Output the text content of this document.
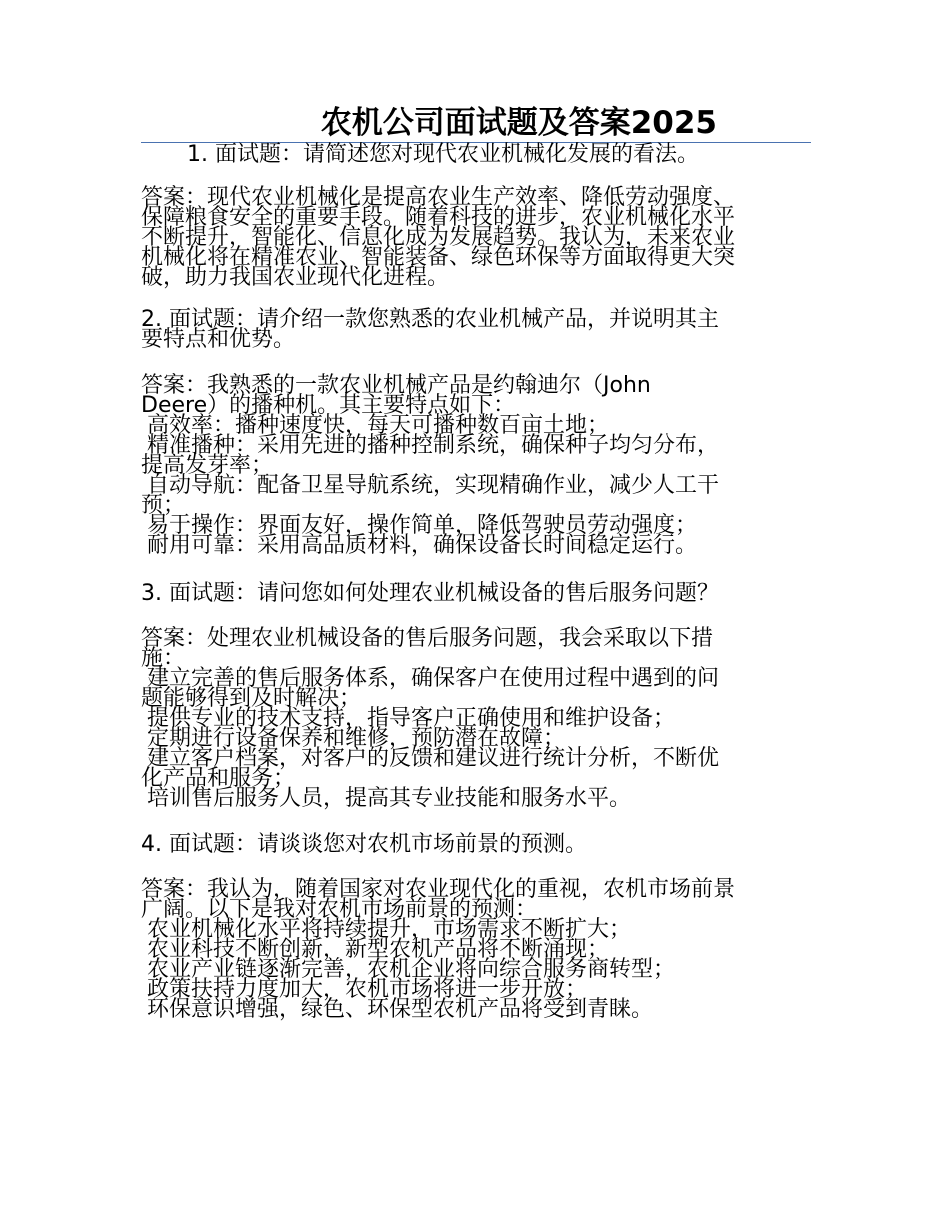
农机公司面试题及答案2025
1. 面试题：请简述您对现代农业机械化发展的看法。
答案：现代农业机械化是提高农业生产效率、降低劳动强度、
保障粮食安全的重要手段。随着科技的进步，农业机械化水平
不断提升，智能化、信息化成为发展趋势。我认为，未来农业
机械化将在精准农业、智能装备、绿色环保等方面取得更大突
破，助力我国农业现代化进程。
2. 面试题：请介绍一款您熟悉的农业机械产品，并说明其主
要特点和优势。
答案：我熟悉的一款农业机械产品是约翰迪尔（John
Deere）的播种机。其主要特点如下：
高效率：播种速度快，每天可播种数百亩土地；
精准播种：采用先进的播种控制系统，确保种子均匀分布，
提高发芽率；
自动导航：配备卫星导航系统，实现精确作业，减少人工干
预；
易于操作：界面友好，操作简单，降低驾驶员劳动强度；
耐用可靠：采用高品质材料，确保设备长时间稳定运行。
3. 面试题：请问您如何处理农业机械设备的售后服务问题？
答案：处理农业机械设备的售后服务问题，我会采取以下措
施：
建立完善的售后服务体系，确保客户在使用过程中遇到的问
题能够得到及时解决；
提供专业的技术支持，指导客户正确使用和维护设备；
定期进行设备保养和维修，预防潜在故障；
建立客户档案，对客户的反馈和建议进行统计分析，不断优
化产品和服务；
培训售后服务人员，提高其专业技能和服务水平。
4. 面试题：请谈谈您对农机市场前景的预测。
答案：我认为，随着国家对农业现代化的重视，农机市场前景
广阔。以下是我对农机市场前景的预测：
农业机械化水平将持续提升，市场需求不断扩大；
农业科技不断创新，新型农机产品将不断涌现；
农业产业链逐渐完善，农机企业将向综合服务商转型；
政策扶持力度加大，农机市场将进一步开放；
环保意识增强，绿色、环保型农机产品将受到青睐。
